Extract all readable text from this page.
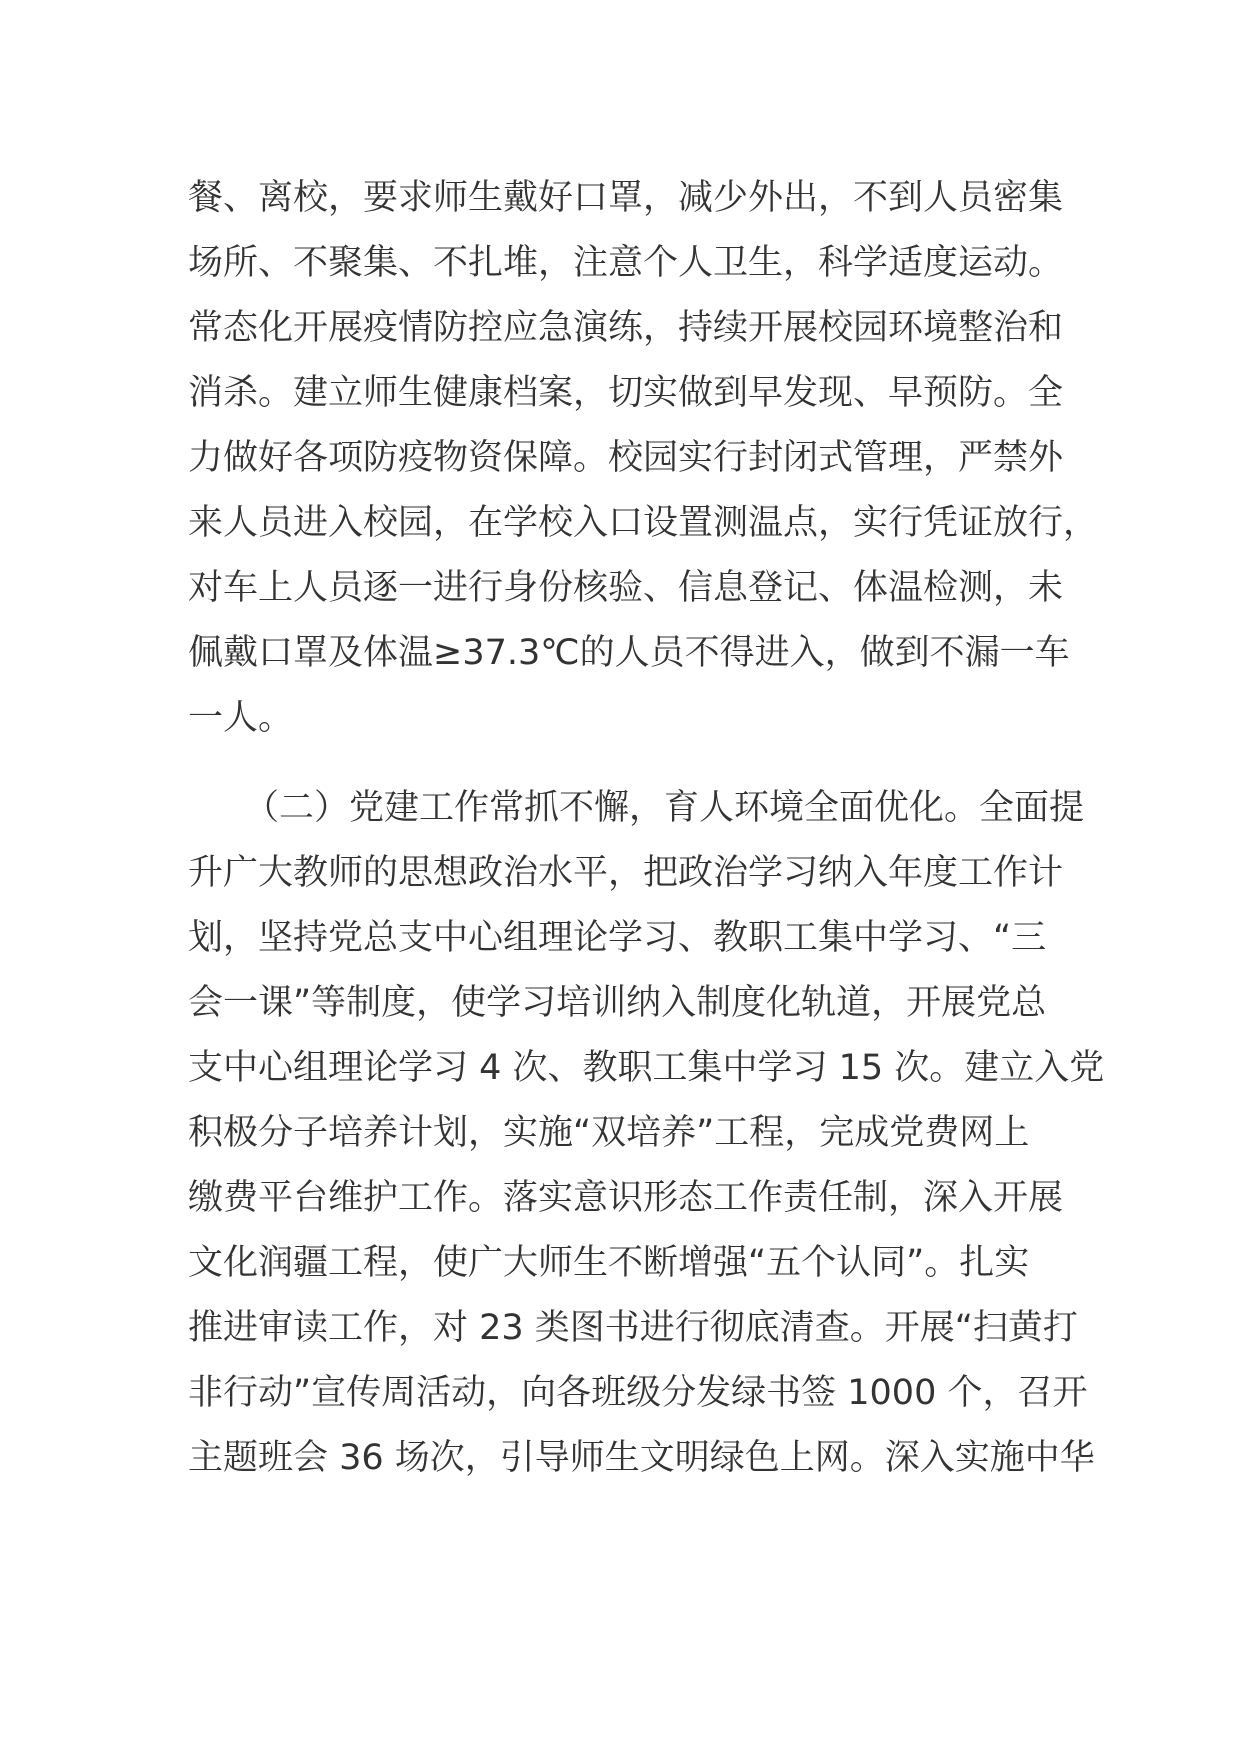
餐、离校，要求师生戴好口罩，减少外出，不到人员密集
场所、不聚集、不扎堆，注意个人卫生，科学适度运动。
常态化开展疫情防控应急演练，持续开展校园环境整治和
消杀。建立师生健康档案，切实做到早发现、早预防。全
力做好各项防疫物资保障。校园实行封闭式管理，严禁外
来人员进入校园，在学校入口设置测温点，实行凭证放行，
对车上人员逐一进行身份核验、信息登记、体温检测，未
佩戴口罩及体温≥37.3℃的人员不得进入，做到不漏一车
一人。

（二）党建工作常抓不懈，育人环境全面优化。全面提
升广大教师的思想政治水平，把政治学习纳入年度工作计
划，坚持党总支中心组理论学习、教职工集中学习、“三
会一课”等制度，使学习培训纳入制度化轨道，开展党总
支中心组理论学习 4 次、教职工集中学习 15 次。建立入党
积极分子培养计划，实施“双培养”工程，完成党费网上
缴费平台维护工作。落实意识形态工作责任制，深入开展
文化润疆工程，使广大师生不断增强“五个认同”。扎实
推进审读工作，对 23 类图书进行彻底清查。开展“扫黄打
非行动”宣传周活动，向各班级分发绿书签 1000 个，召开
主题班会 36 场次，引导师生文明绿色上网。深入实施中华
